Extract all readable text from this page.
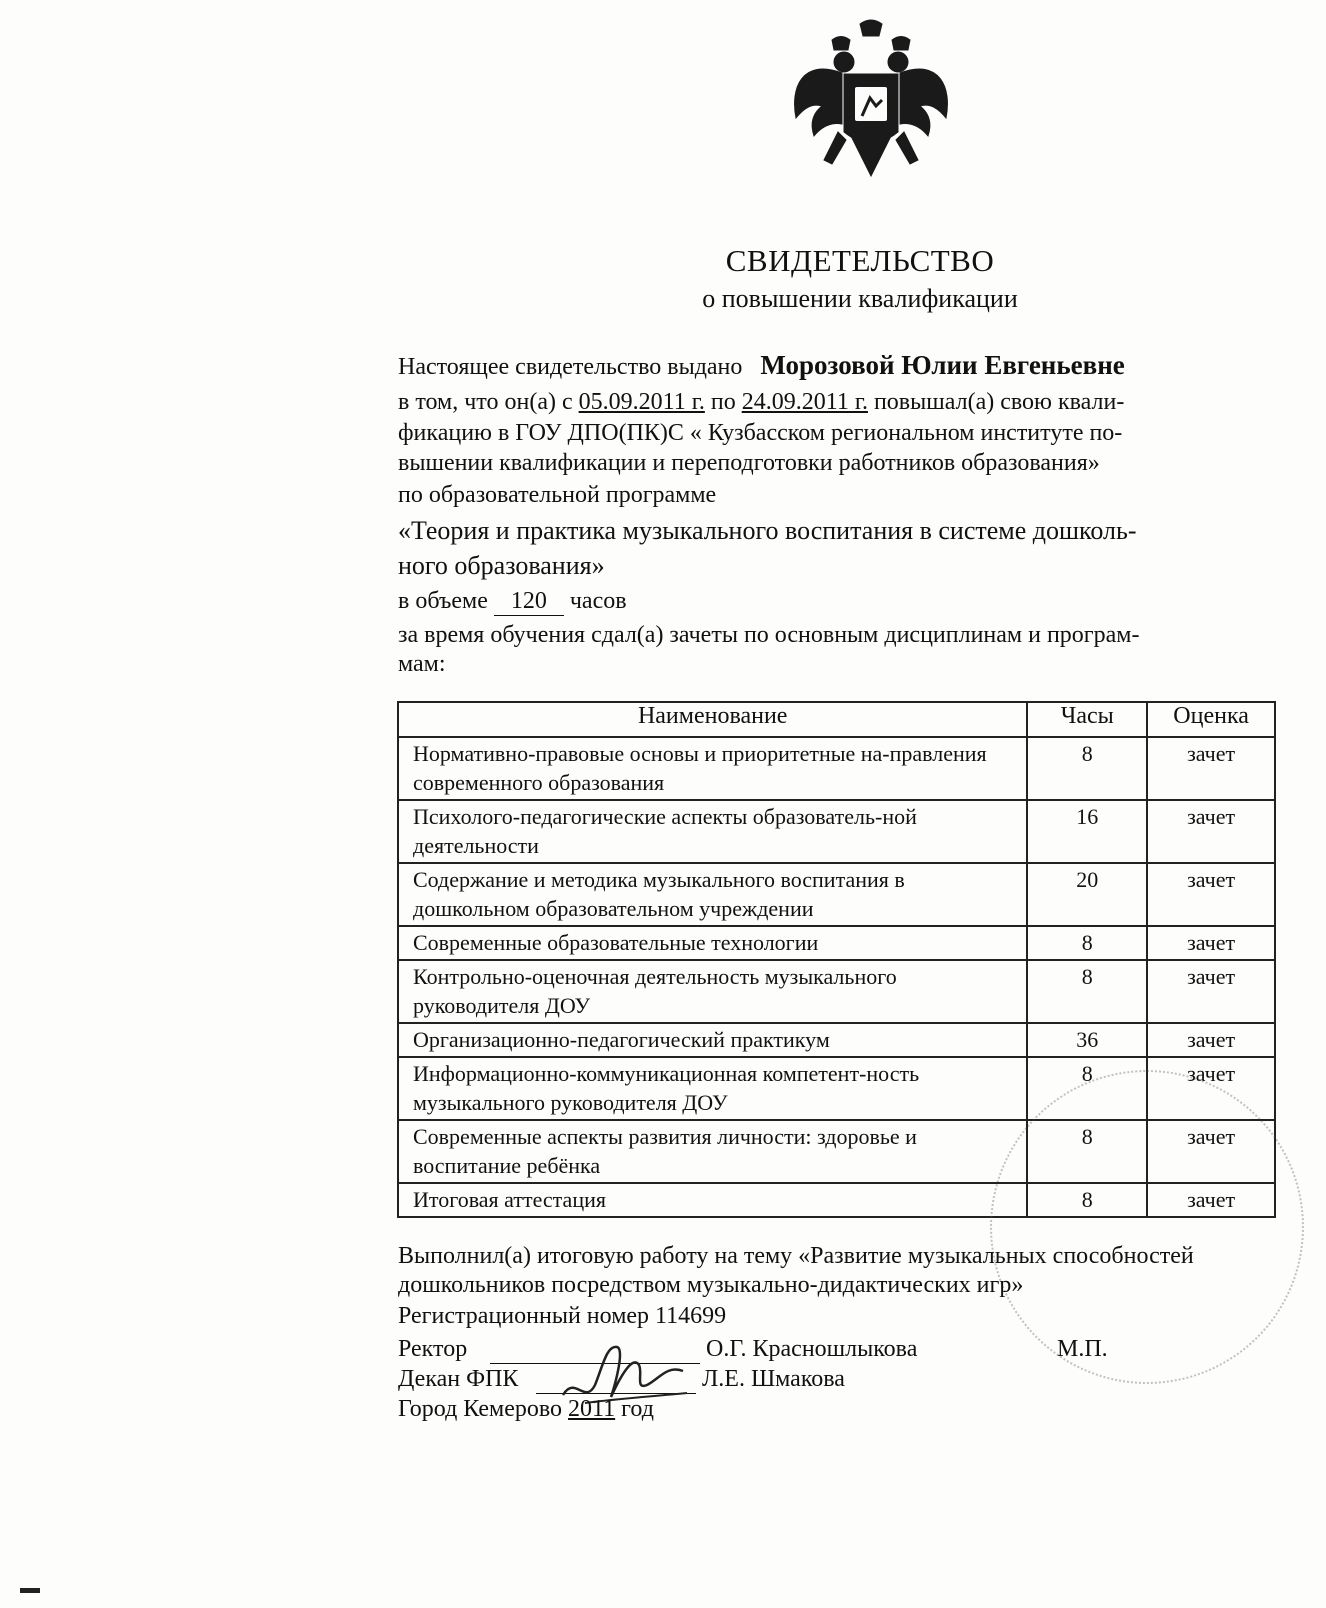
СВИДЕТЕЛЬСТВО
о повышении квалификации
Настоящее свидетельство выдано Морозовой Юлии Евгеньевне
в том, что он(а) с 05.09.2011 г. по 24.09.2011 г. повышал(а) свою квали-
фикацию в ГОУ ДПО(ПК)С « Кузбасском региональном институте по-
вышении квалификации и переподготовки работников образования»
по образовательной программе
«Теория и практика музыкального воспитания в системе дошколь-
ного образования»
в объеме 120 часов
за время обучения сдал(а) зачеты по основным дисциплинам и програм-
мам:
Наименование	Часы	Оценка
Нормативно-правовые основы и приоритетные на-правления современного образования	8	зачет
Психолого-педагогические аспекты образователь-ной деятельности	16	зачет
Содержание и методика музыкального воспитания в дошкольном образовательном учреждении	20	зачет
Современные образовательные технологии	8	зачет
Контрольно-оценочная деятельность музыкального руководителя ДОУ	8	зачет
Организационно-педагогический практикум	36	зачет
Информационно-коммуникационная компетент-ность музыкального руководителя ДОУ	8	зачет
Современные аспекты развития личности: здоровье и воспитание ребёнка	8	зачет
Итоговая аттестация	8	зачет
Выполнил(а) итоговую работу на тему «Развитие музыкальных способностей
дошкольников посредством музыкально-дидактических игр»
Регистрационный номер 114699
Ректор	О.Г. Красношлыкова	М.П.
Декан ФПК	Л.Е. Шмакова
Город Кемерово 2011 год
